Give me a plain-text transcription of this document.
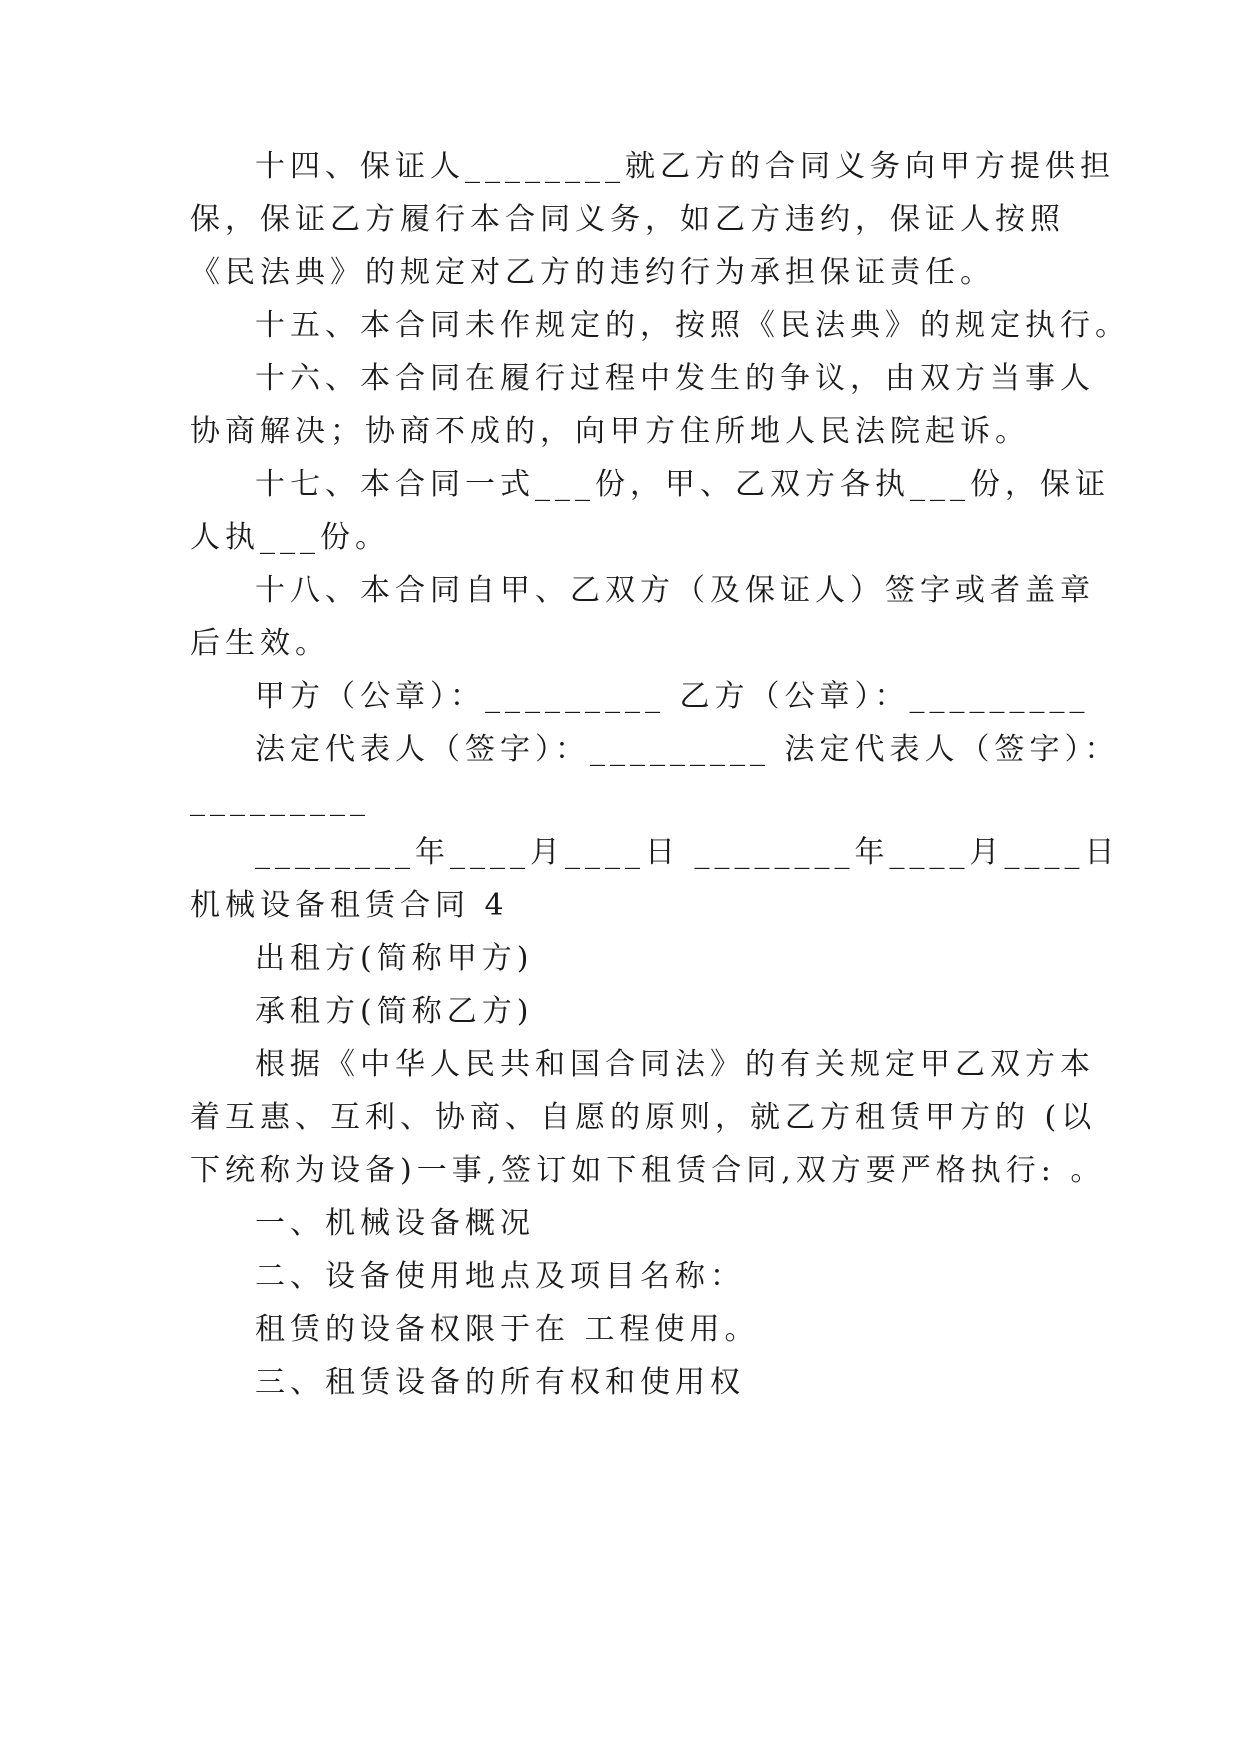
十四、保证人________就乙方的合同义务向甲方提供担
保，保证乙方履行本合同义务，如乙方违约，保证人按照
《民法典》的规定对乙方的违约行为承担保证责任。
十五、本合同未作规定的，按照《民法典》的规定执行。
十六、本合同在履行过程中发生的争议，由双方当事人
协商解决；协商不成的，向甲方住所地人民法院起诉。
十七、本合同一式___份，甲、乙双方各执___份，保证
人执___份。
十八、本合同自甲、乙双方（及保证人）签字或者盖章
后生效。
甲方（公章）：_________ 乙方（公章）：_________
法定代表人（签字）：_________ 法定代表人（签字）：
_________
________年____月____日 ________年____月____日
机械设备租赁合同 4
出租方(简称甲方)
承租方(简称乙方)
根据《中华人民共和国合同法》的有关规定甲乙双方本
着互惠、互利、协商、自愿的原则，就乙方租赁甲方的 (以
下统称为设备)一事,签订如下租赁合同,双方要严格执行: 。
一、机械设备概况
二、设备使用地点及项目名称：
租赁的设备权限于在 工程使用。
三、租赁设备的所有权和使用权
